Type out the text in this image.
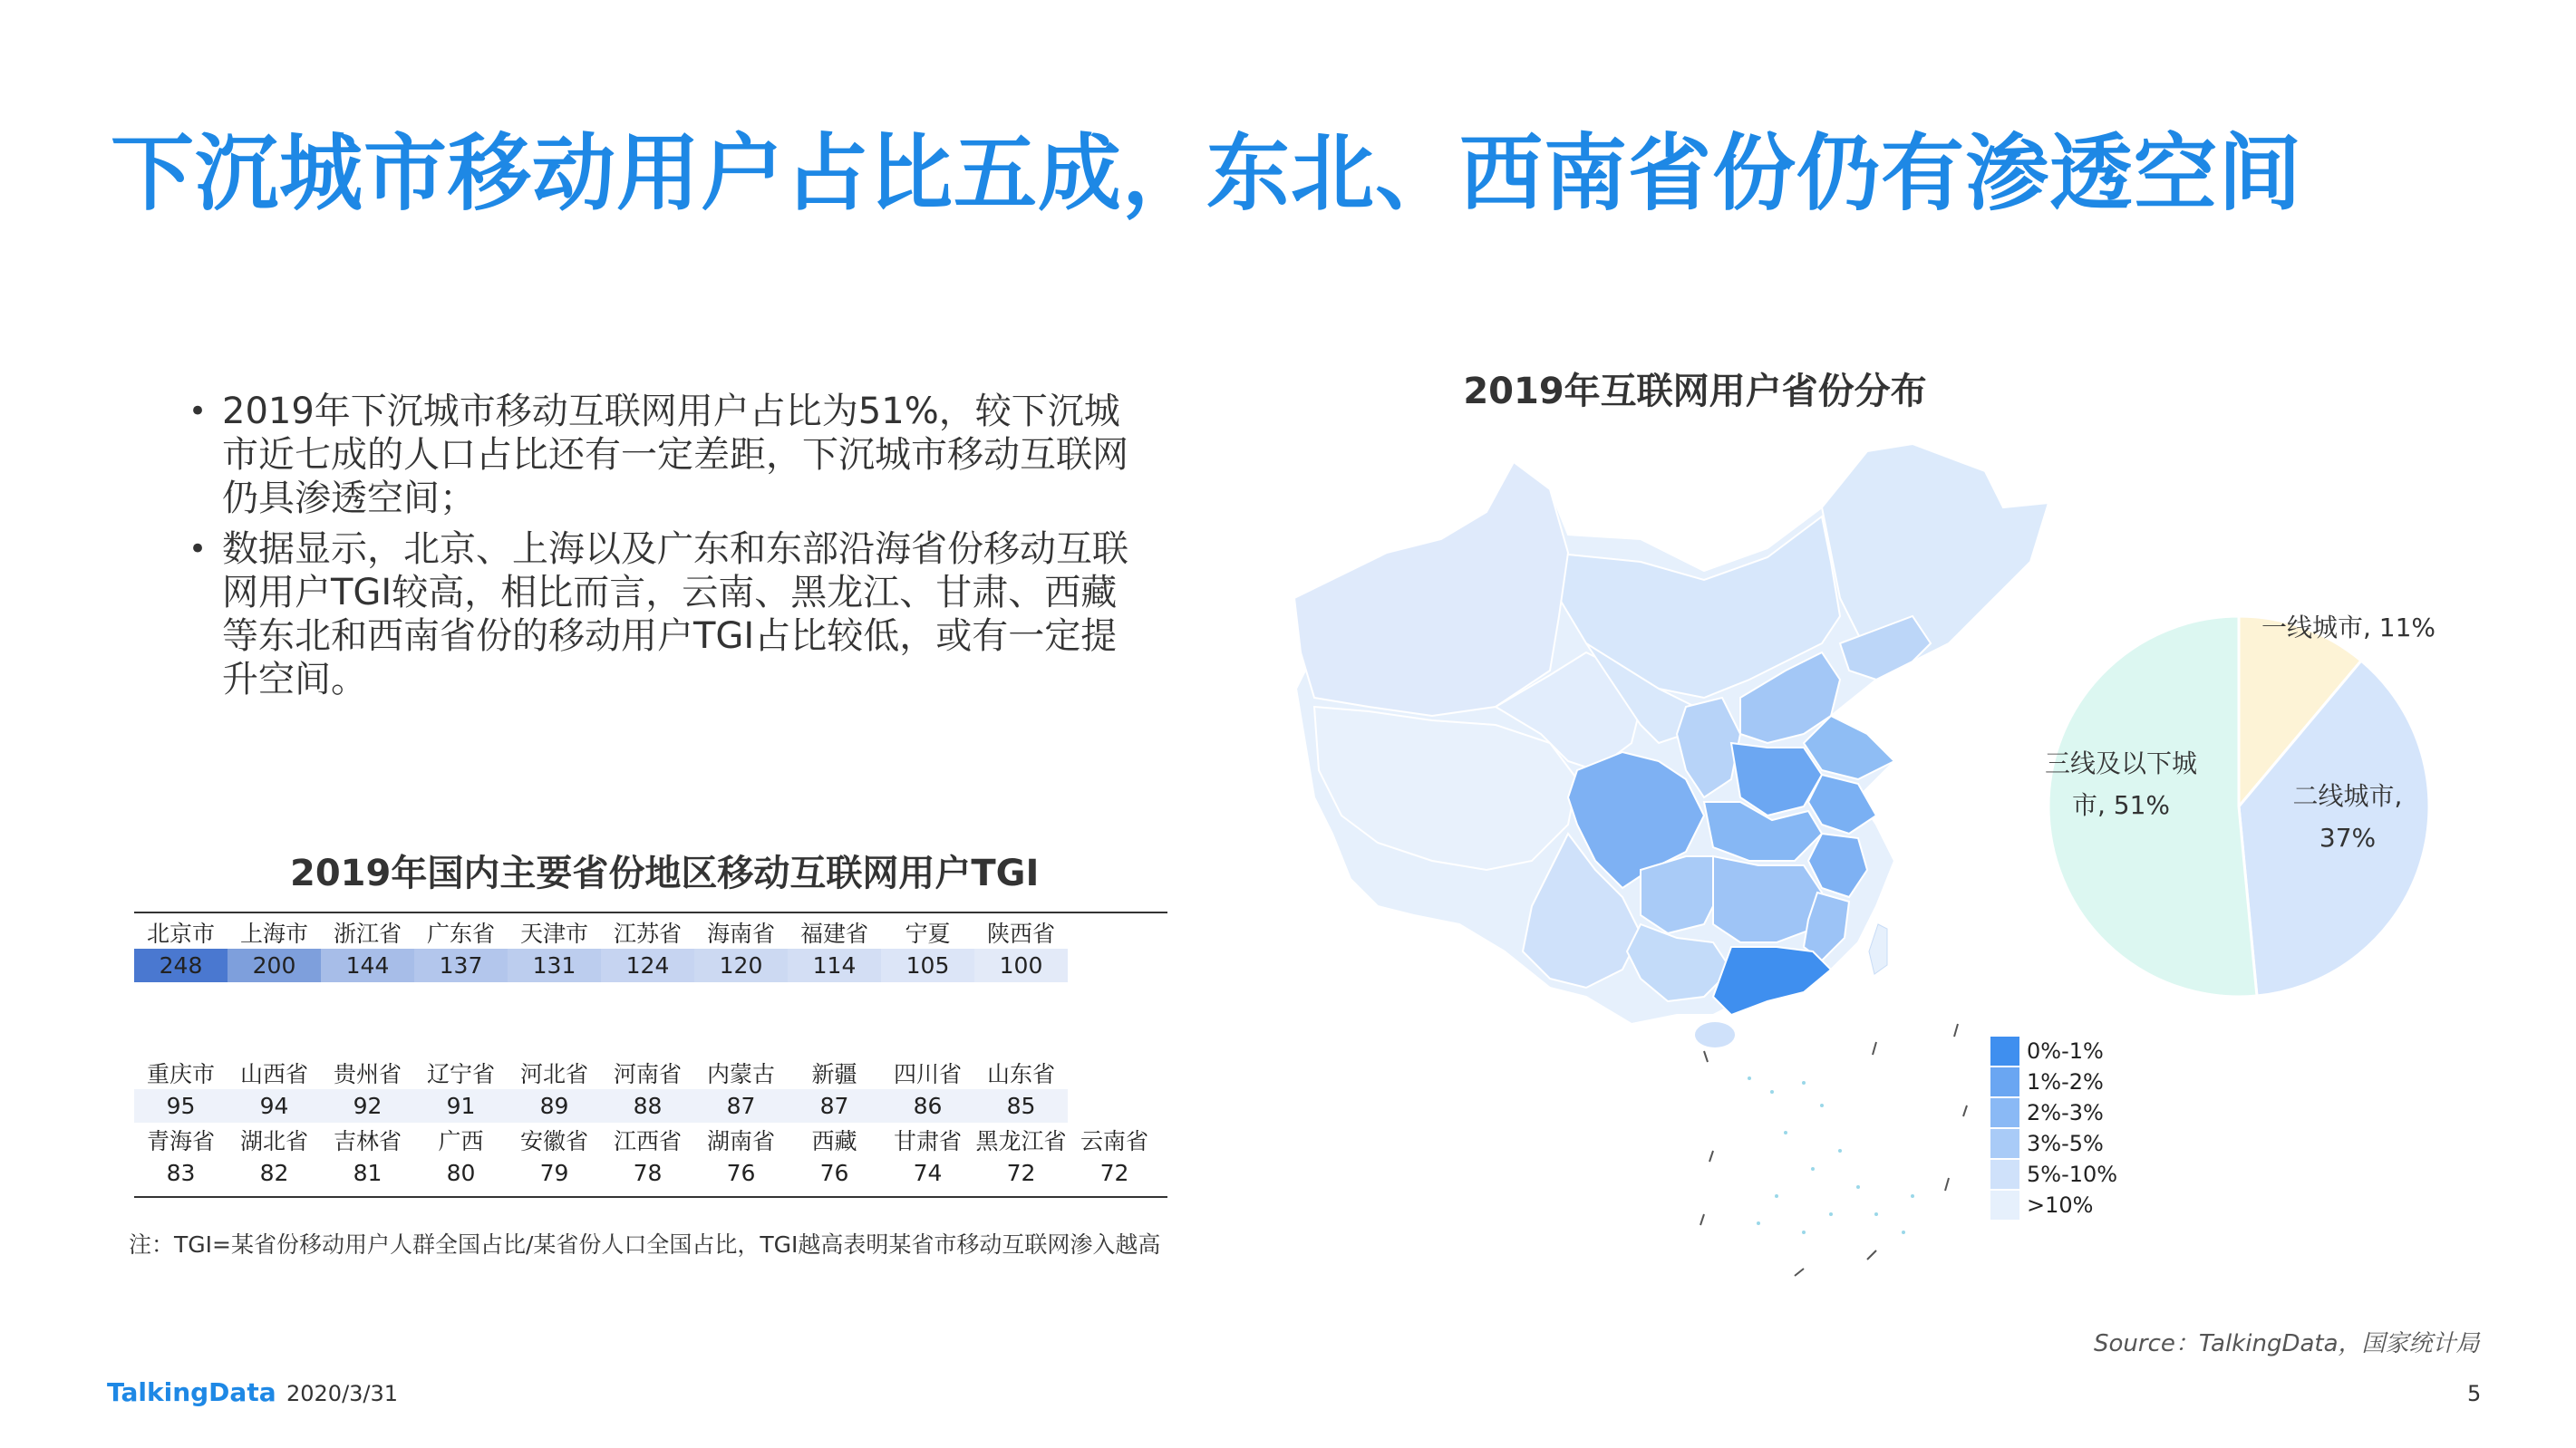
下沉城市移动用户占比五成，东北、西南省份仍有渗透空间
• 2019年下沉城市移动互联网用户占比为51%，较下沉城市近七成的人口占比还有一定差距，下沉城市移动互联网仍具渗透空间；
• 数据显示，北京、上海以及广东和东部沿海省份移动互联网用户TGI较高，相比而言，云南、黑龙江、甘肃、西藏等东北和西南省份的移动用户TGI占比较低，或有一定提升空间。
2019年国内主要省份地区移动互联网用户TGI
北京市	上海市	浙江省	广东省	天津市	江苏省	海南省	福建省	宁夏	陕西省
248	200	144	137	131	124	120	114	105	100
重庆市	山西省	贵州省	辽宁省	河北省	河南省	内蒙古	新疆	四川省	山东省	
95	94	92	91	89	88	87	87	86	85	
青海省	湖北省	吉林省	广西	安徽省	江西省	湖南省	西藏	甘肃省	黑龙江省	云南省
83	82	81	80	79	78	76	76	74	72	72
注：TGI=某省份移动用户人群全国占比/某省份人口全国占比，TGI越高表明某省市移动互联网渗入越高
2019年互联网用户省份分布
0%-1%
1%-2%
2%-3%
3%-5%
5%-10%
>10%
一线城市, 11%
二线城市,
37%
三线及以下城
市, 51%
Source：TalkingData，国家统计局
TalkingData 2020/3/31	5
